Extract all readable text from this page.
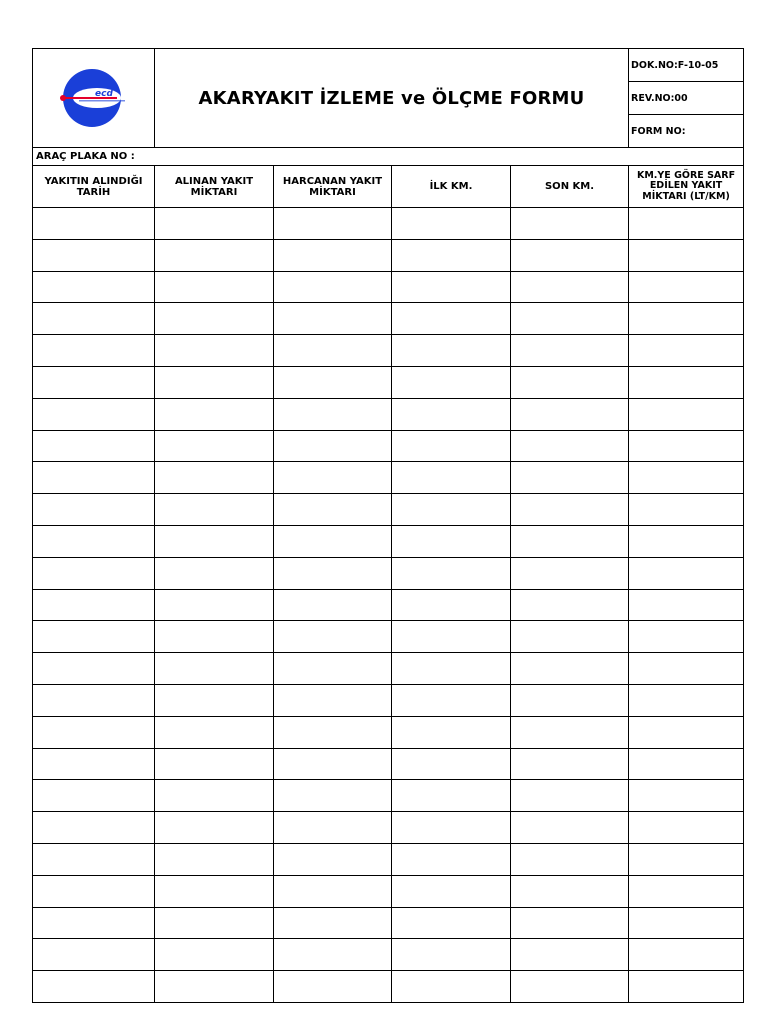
ecd	AKARYAKIT İZLEME ve ÖLÇME FORMU				DOK.NO:F-10-05
					REV.NO:00
					FORM NO:
ARAÇ PLAKA NO :					
YAKITIN ALINDIĞI TARİH	ALINAN YAKIT MİKTARI	HARCANAN YAKIT MİKTARI	İLK KM.	SON KM.	KM.YE GÖRE SARF EDİLEN YAKIT MİKTARI (LT/KM)
